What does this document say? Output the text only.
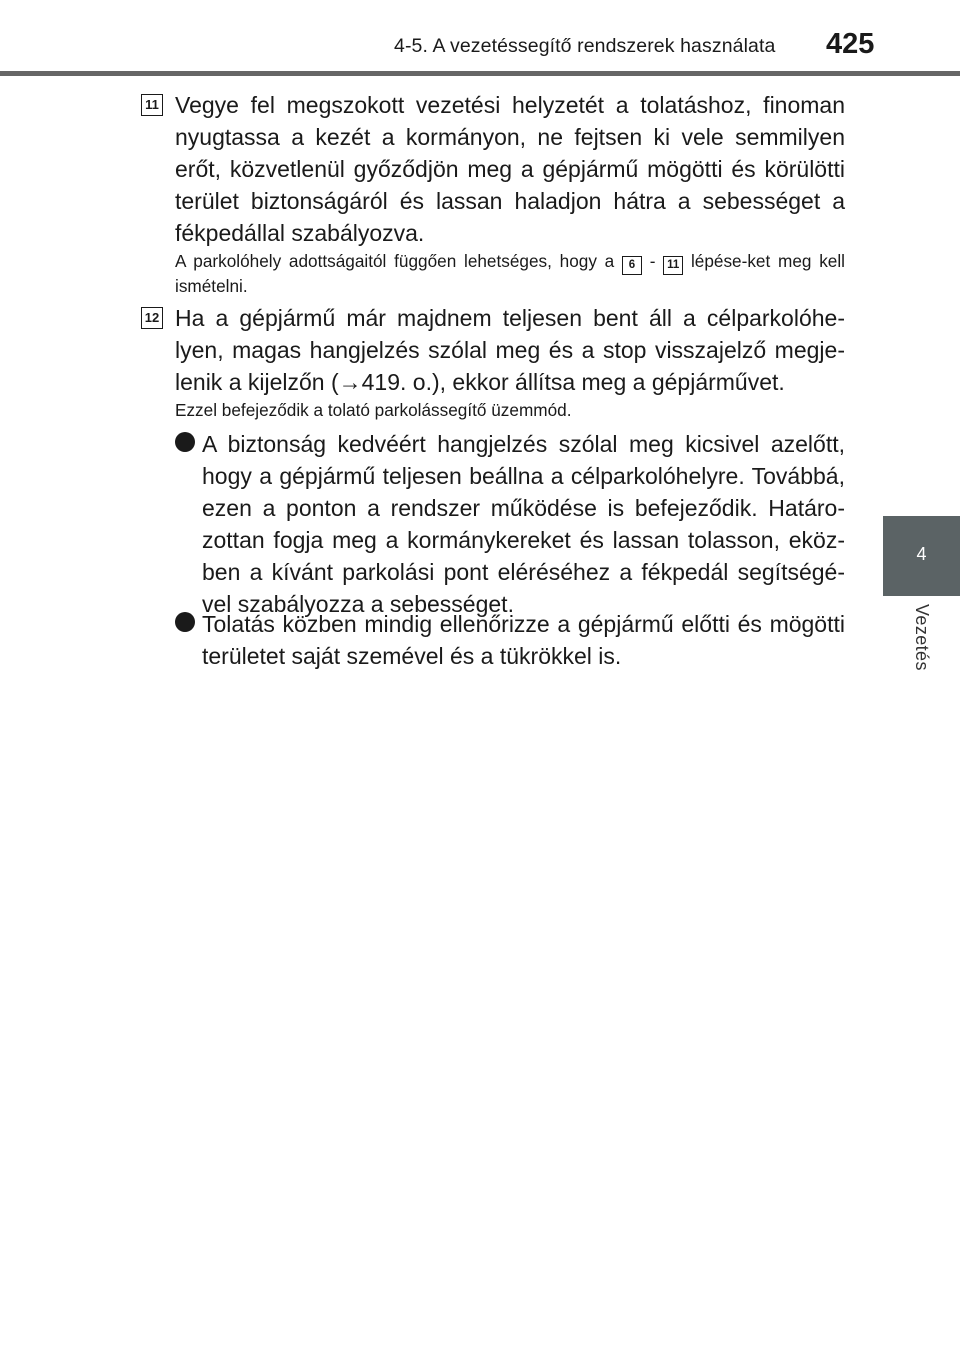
4-5. A vezetéssegítő rendszerek használata 425
4
Vezetés
11 Vegye fel megszokott vezetési helyzetét a tolatáshoz, finoman nyugtassa a kezét a kormányon, ne fejtsen ki vele semmilyen erőt, közvetlenül győződjön meg a gépjármű mögötti és körülötti terület biztonságáról és lassan haladjon hátra a sebességet a fékpedállal szabályozva.

A parkolóhely adottságaitól függően lehetséges, hogy a 6 - 11 lépése-ket meg kell ismételni.

12 Ha a gépjármű már majdnem teljesen bent áll a célparkolóhe-lyen, magas hangjelzés szólal meg és a stop visszajelző megje-lenik a kijelzőn (→419. o.), ekkor állítsa meg a gépjárművet.

Ezzel befejeződik a tolató parkolássegítő üzemmód.

A biztonság kedvéért hangjelzés szólal meg kicsivel azelőtt, hogy a gépjármű teljesen beállna a célparkolóhelyre. Továbbá, ezen a ponton a rendszer működése is befejeződik. Határo-zottan fogja meg a kormánykereket és lassan tolasson, eköz-ben a kívánt parkolási pont eléréséhez a fékpedál segítségé-vel szabályozza a sebességet.

Tolatás közben mindig ellenőrizze a gépjármű előtti és mögötti területet saját szemével és a tükrökkel is.
